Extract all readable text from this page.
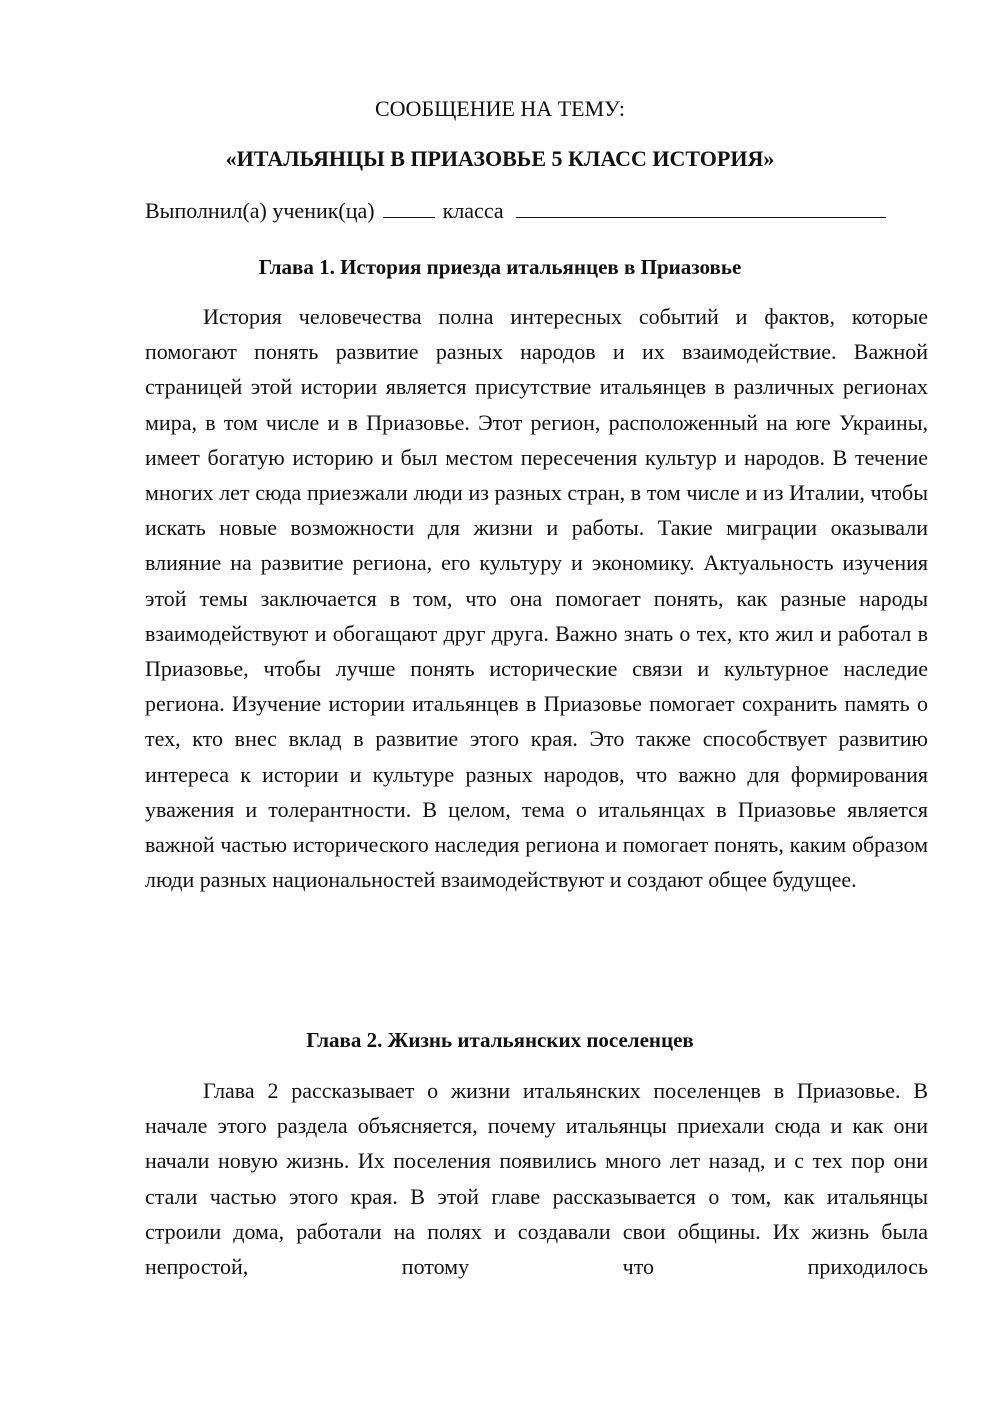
СООБЩЕНИЕ НА ТЕМУ:
«ИТАЛЬЯНЦЫ В ПРИАЗОВЬЕ 5 КЛАСС ИСТОРИЯ»
Выполнил(а) ученик(ца)	класса
Глава 1. История приезда итальянцев в Приазовье

История человечества полна интересных событий и фактов, которые помогают понять развитие разных народов и их взаимодействие. Важной страницей этой истории является присутствие итальянцев в различных регионах мира, в том числе и в Приазовье. Этот регион, расположенный на юге Украины, имеет богатую историю и был местом пересечения культур и народов. В течение многих лет сюда приезжали люди из разных стран, в том числе и из Италии, чтобы искать новые возможности для жизни и работы. Такие миграции оказывали влияние на развитие региона, его культуру и экономику. Актуальность изучения этой темы заключается в том, что она помогает понять, как разные народы взаимодействуют и обогащают друг друга. Важно знать о тех, кто жил и работал в Приазовье, чтобы лучше понять исторические связи и культурное наследие региона. Изучение истории итальянцев в Приазовье помогает сохранить память о тех, кто внес вклад в развитие этого края. Это также способствует развитию интереса к истории и культуре разных народов, что важно для формирования уважения и толерантности. В целом, тема о итальянцах в Приазовье является важной частью исторического наследия региона и помогает понять, каким образом люди разных национальностей взаимодействуют и создают общее будущее.

Глава 2. Жизнь итальянских поселенцев

Глава 2 рассказывает о жизни итальянских поселенцев в Приазовье. В начале этого раздела объясняется, почему итальянцы приехали сюда и как они начали новую жизнь. Их поселения появились много лет назад, и с тех пор они стали частью этого края. В этой главе рассказывается о том, как итальянцы строили дома, работали на полях и создавали свои общины. Их жизнь была непростой, потому что приходилось
